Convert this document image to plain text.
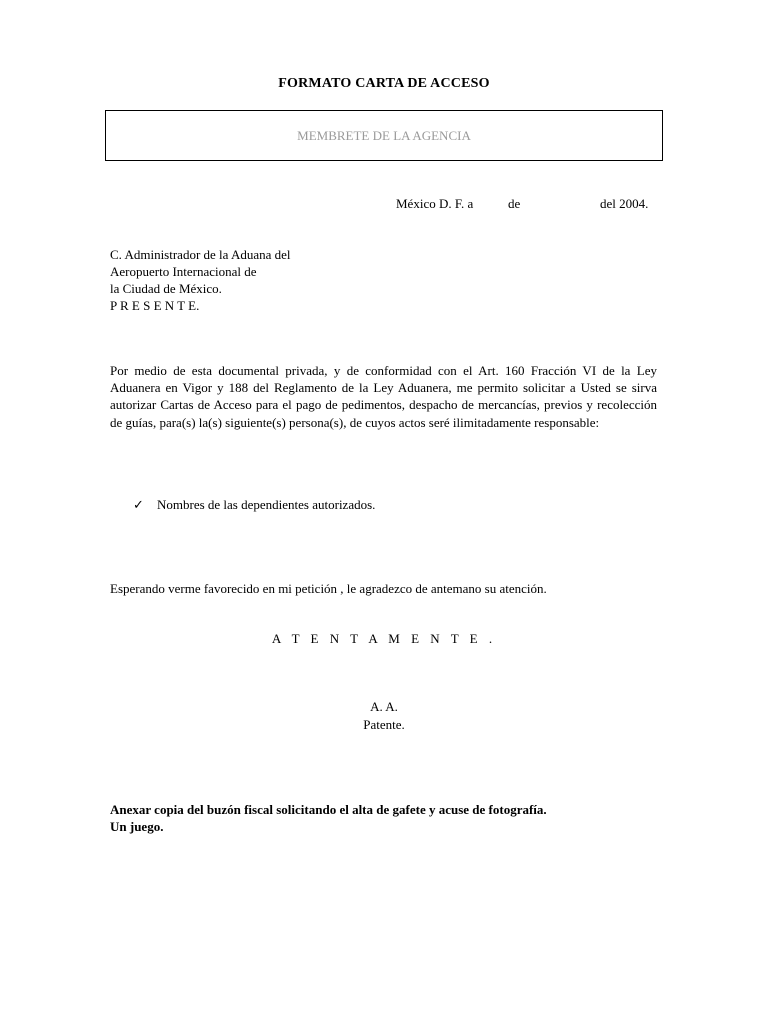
FORMATO CARTA DE ACCESO
MEMBRETE DE LA AGENCIA
México D. F. a	de	del 2004.
C. Administrador de la Aduana del
Aeropuerto Internacional de
la Ciudad de México.
P R E S E N T E.
Por medio de esta documental privada, y de conformidad con el Art. 160 Fracción VI de la Ley Aduanera en Vigor y 188 del Reglamento de la Ley Aduanera, me permito solicitar a Usted se sirva autorizar Cartas de Acceso para el pago de pedimentos, despacho de mercancías, previos y recolección de guías, para(s) la(s) siguiente(s) persona(s), de cuyos actos seré ilimitadamente responsable:
✓ Nombres de las dependientes autorizados.
Esperando verme favorecido en mi petición , le agradezco de antemano su atención.
A T E N T A M E N T E .
A. A.
Patente.
Anexar copia del buzón fiscal solicitando el alta de gafete y acuse de fotografía.
Un juego.
